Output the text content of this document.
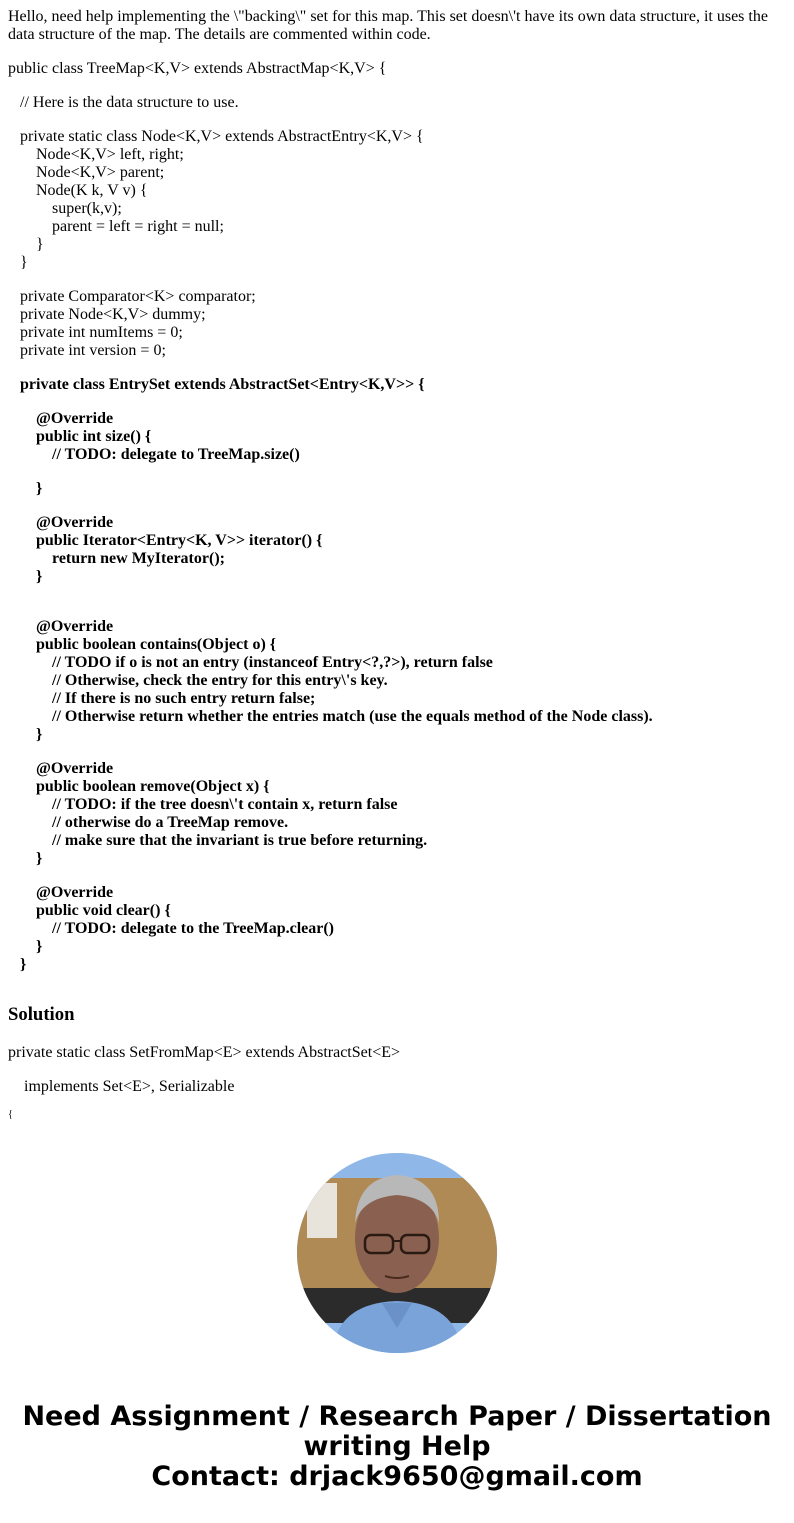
Hello, need help implementing the \"backing\" set for this map. This set doesn\'t have its own data structure, it uses the data structure of the map. The details are commented within code.

public class TreeMap<K,V> extends AbstractMap<K,V> {
// Here is the data structure to use.
private static class Node<K,V> extends AbstractEntry<K,V> {
Node<K,V> left, right;
Node<K,V> parent;
Node(K k, V v) {
super(k,v);
parent = left = right = null;
}
}
private Comparator<K> comparator;
private Node<K,V> dummy;
private int numItems = 0;
private int version = 0;
private class EntrySet extends AbstractSet<Entry<K,V>> {
@Override
public int size() {
// TODO: delegate to TreeMap.size()
}
@Override
public Iterator<Entry<K, V>> iterator() {
return new MyIterator();
}
@Override
public boolean contains(Object o) {
// TODO if o is not an entry (instanceof Entry<?,?>), return false
// Otherwise, check the entry for this entry\'s key.
// If there is no such entry return false;
// Otherwise return whether the entries match (use the equals method of the Node class).
}
@Override
public boolean remove(Object x) {
// TODO: if the tree doesn\'t contain x, return false
// otherwise do a TreeMap remove.
// make sure that the invariant is true before returning.
}
@Override
public void clear() {
// TODO: delegate to the TreeMap.clear()
}
}
Solution
private static class SetFromMap<E> extends AbstractSet<E>
implements Set<E>, Serializable
{
Need Assignment / Research Paper / Dissertation
writing Help
Contact: drjack9650@gmail.com
